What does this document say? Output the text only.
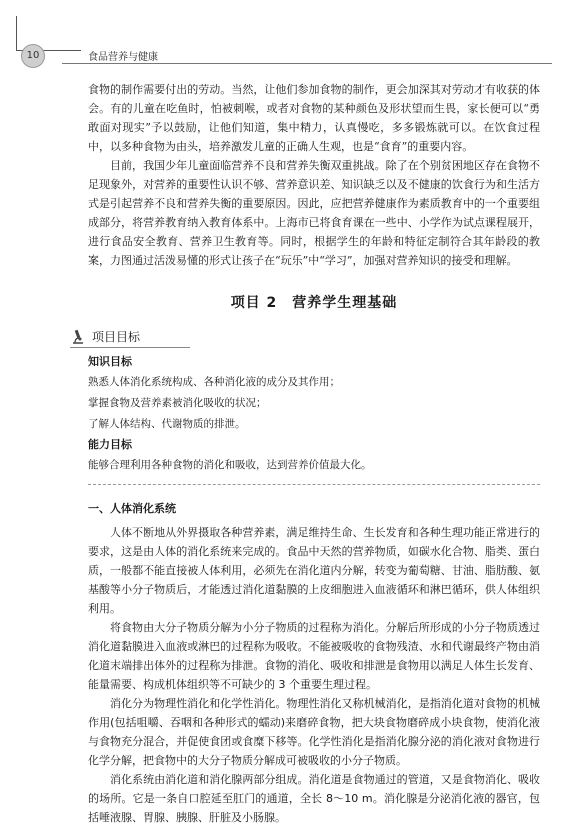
10	食品营养与健康

食物的制作需要付出的劳动。当然，让他们参加食物的制作，更会加深其对劳动才有收获的体会。有的儿童在吃鱼时，怕被刺喉，或者对食物的某种颜色及形状望而生畏，家长便可以“勇敢面对现实”予以鼓励，让他们知道，集中精力，认真慢吃，多多锻炼就可以。在饮食过程中，以多种食物为由头，培养激发儿童的正确人生观，也是“食育”的重要内容。

目前，我国少年儿童面临营养不良和营养失衡双重挑战。除了在个别贫困地区存在食物不足现象外，对营养的重要性认识不够、营养意识差、知识缺乏以及不健康的饮食行为和生活方式是引起营养不良和营养失衡的重要原因。因此，应把营养健康作为素质教育中的一个重要组成部分，将营养教育纳入教育体系中。上海市已将食育课在一些中、小学作为试点课程展开，进行食品安全教育、营养卫生教育等。同时，根据学生的年龄和特征定制符合其年龄段的教案，力图通过活泼易懂的形式让孩子在“玩乐”中“学习”，加强对营养知识的接受和理解。

项目 2　营养学生理基础
项目目标
知识目标
熟悉人体消化系统构成、各种消化液的成分及其作用；
掌握食物及营养素被消化吸收的状况；
了解人体结构、代谢物质的排泄。
能力目标
能够合理利用各种食物的消化和吸收，达到营养价值最大化。
一、人体消化系统

人体不断地从外界摄取各种营养素，满足维持生命、生长发育和各种生理功能正常进行的要求，这是由人体的消化系统来完成的。食品中天然的营养物质，如碳水化合物、脂类、蛋白质，一般都不能直接被人体利用，必须先在消化道内分解，转变为葡萄糖、甘油、脂肪酸、氨基酸等小分子物质后，才能透过消化道黏膜的上皮细胞进入血液循环和淋巴循环，供人体组织利用。

将食物由大分子物质分解为小分子物质的过程称为消化。分解后所形成的小分子物质透过消化道黏膜进入血液或淋巴的过程称为吸收。不能被吸收的食物残渣、水和代谢最终产物由消化道末端排出体外的过程称为排泄。食物的消化、吸收和排泄是食物用以满足人体生长发育、能量需要、构成机体组织等不可缺少的 3 个重要生理过程。

消化分为物理性消化和化学性消化。物理性消化又称机械消化，是指消化道对食物的机械作用(包括咀嚼、吞咽和各种形式的蠕动)来磨碎食物，把大块食物磨碎成小块食物，使消化液与食物充分混合，并促使食团或食糜下移等。化学性消化是指消化腺分泌的消化液对食物进行化学分解，把食物中的大分子物质分解成可被吸收的小分子物质。

消化系统由消化道和消化腺两部分组成。消化道是食物通过的管道，又是食物消化、吸收的场所。它是一条自口腔延至肛门的通道，全长 8～10 m。消化腺是分泌消化液的器官，包括唾液腺、胃腺、胰腺、肝脏及小肠腺。
